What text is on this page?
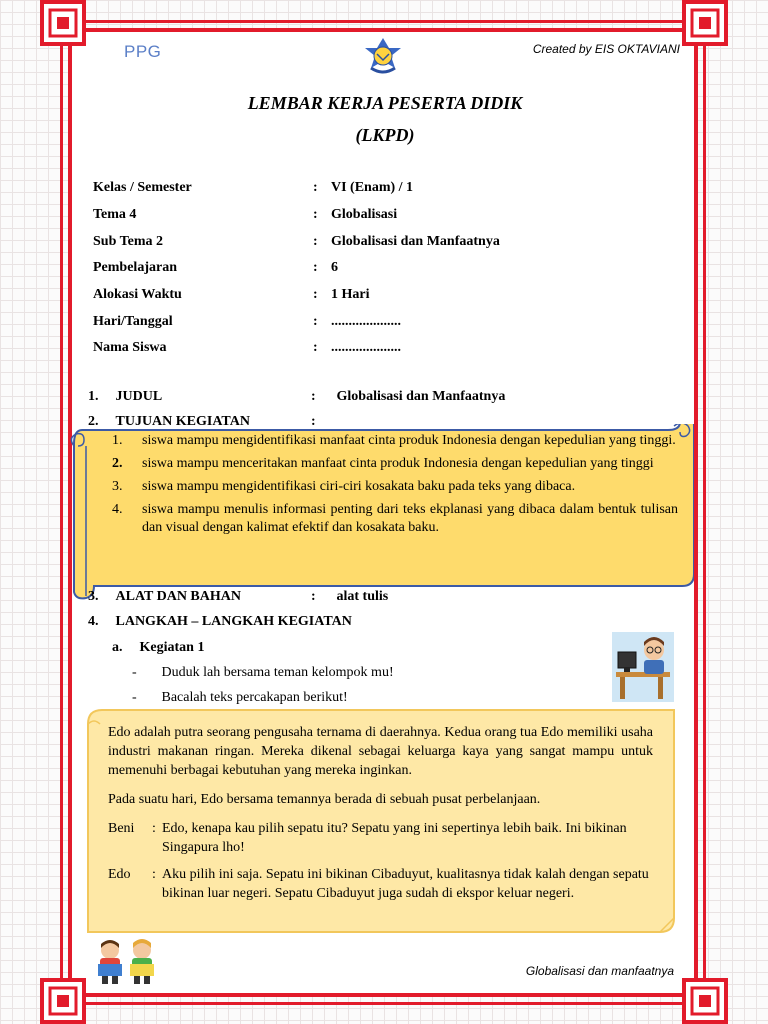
PPG	Created by EIS OKTAVIANI
LEMBAR KERJA PESERTA DIDIK
(LKPD)
Kelas / Semester	: VI (Enam) / 1
Tema 4	: Globalisasi
Sub Tema 2	: Globalisasi dan Manfaatnya
Pembelajaran	: 6
Alokasi Waktu	: 1 Hari
Hari/Tanggal	: ....................
Nama Siswa	: ....................
1. JUDUL	: Globalisasi dan Manfaatnya
2. TUJUAN KEGIATAN	:
1.	siswa mampu mengidentifikasi manfaat cinta produk Indonesia dengan kepedulian yang tinggi.
2.	siswa mampu menceritakan manfaat cinta produk Indonesia dengan kepedulian yang tinggi
3.	siswa mampu mengidentifikasi ciri-ciri kosakata baku pada teks yang dibaca.
4.	siswa mampu menulis informasi penting dari teks ekplanasi yang dibaca dalam bentuk tulisan dan visual dengan kalimat efektif dan kosakata baku.
3. ALAT DAN BAHAN	: alat tulis
4. LANGKAH – LANGKAH KEGIATAN
a. Kegiatan 1
- Duduk lah bersama teman kelompok mu!
- Bacalah teks percakapan berikut!

Edo adalah putra seorang pengusaha ternama di daerahnya. Kedua orang tua Edo memiliki usaha industri makanan ringan. Mereka dikenal sebagai keluarga kaya yang sangat mampu untuk memenuhi berbagai kebutuhan yang mereka inginkan.

Pada suatu hari, Edo bersama temannya berada di sebuah pusat perbelanjaan.

Beni	: Edo, kenapa kau pilih sepatu itu? Sepatu yang ini sepertinya lebih baik. Ini bikinan Singapura lho!
Edo	: Aku pilih ini saja. Sepatu ini bikinan Cibaduyut, kualitasnya tidak kalah dengan sepatu bikinan luar negeri. Sepatu Cibaduyut juga sudah di ekspor keluar negeri.
Globalisasi dan manfaatnya
